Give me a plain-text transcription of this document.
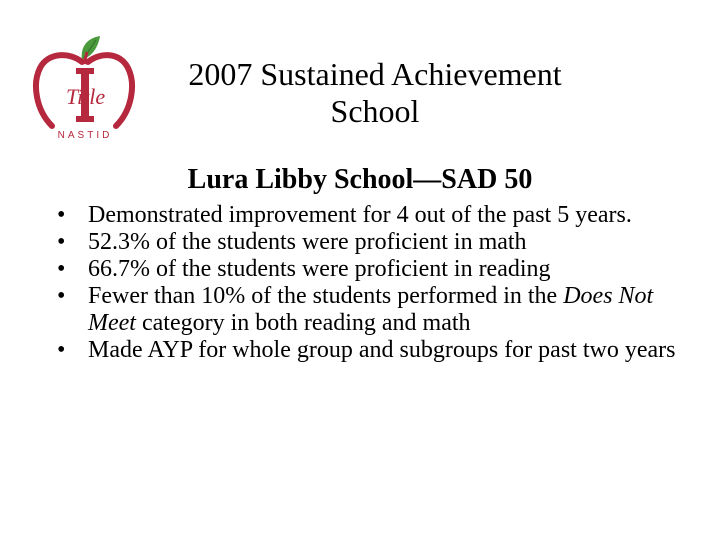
Title
NASTID
2007 Sustained Achievement
School
Lura Libby School—SAD 50
• Demonstrated improvement for 4 out of the past 5 years.
• 52.3% of the students were proficient in math
• 66.7% of the students were proficient in reading
• Fewer than 10% of the students performed in the Does Not Meet category in both reading and math
• Made AYP for whole group and subgroups for past two years
